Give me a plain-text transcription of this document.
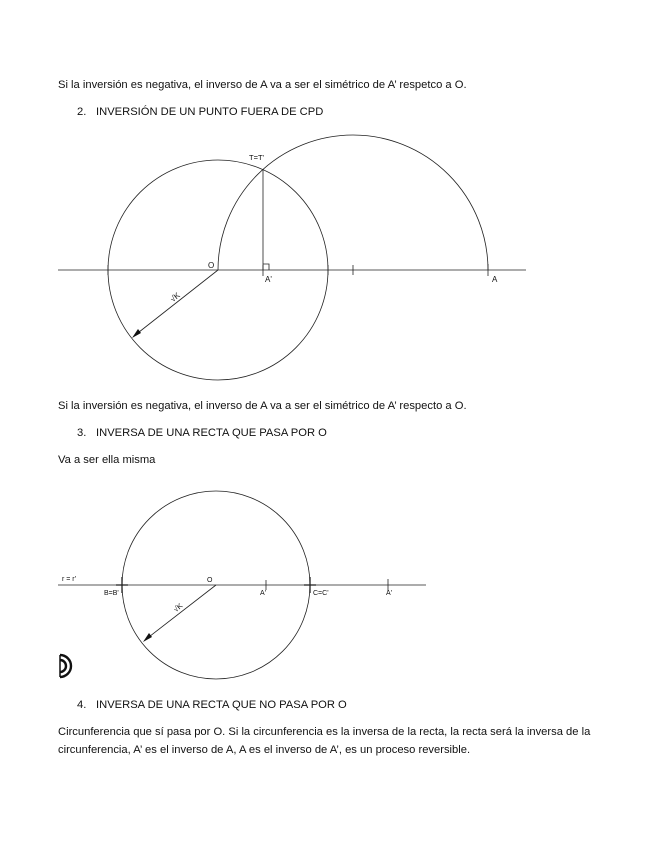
Si la inversión es negativa, el inverso de A va a ser el simétrico de A’ respetco a O.
2. INVERSIÓN DE UN PUNTO FUERA DE CPD
T=T'
O
A'	A
√K
Si la inversión es negativa, el inverso de A va a ser el simétrico de A’ respecto a O.
3. INVERSA DE UNA RECTA QUE PASA POR O
Va a ser ella misma
r = r'
B=B'
O
A'	C=C'	A'
√K
4. INVERSA DE UNA RECTA QUE NO PASA POR O
Circunferencia que sí pasa por O. Si la circunferencia es la inversa de la recta, la recta será la inversa de la circunferencia, A’ es el inverso de A, A es el inverso de A’, es un proceso reversible.
